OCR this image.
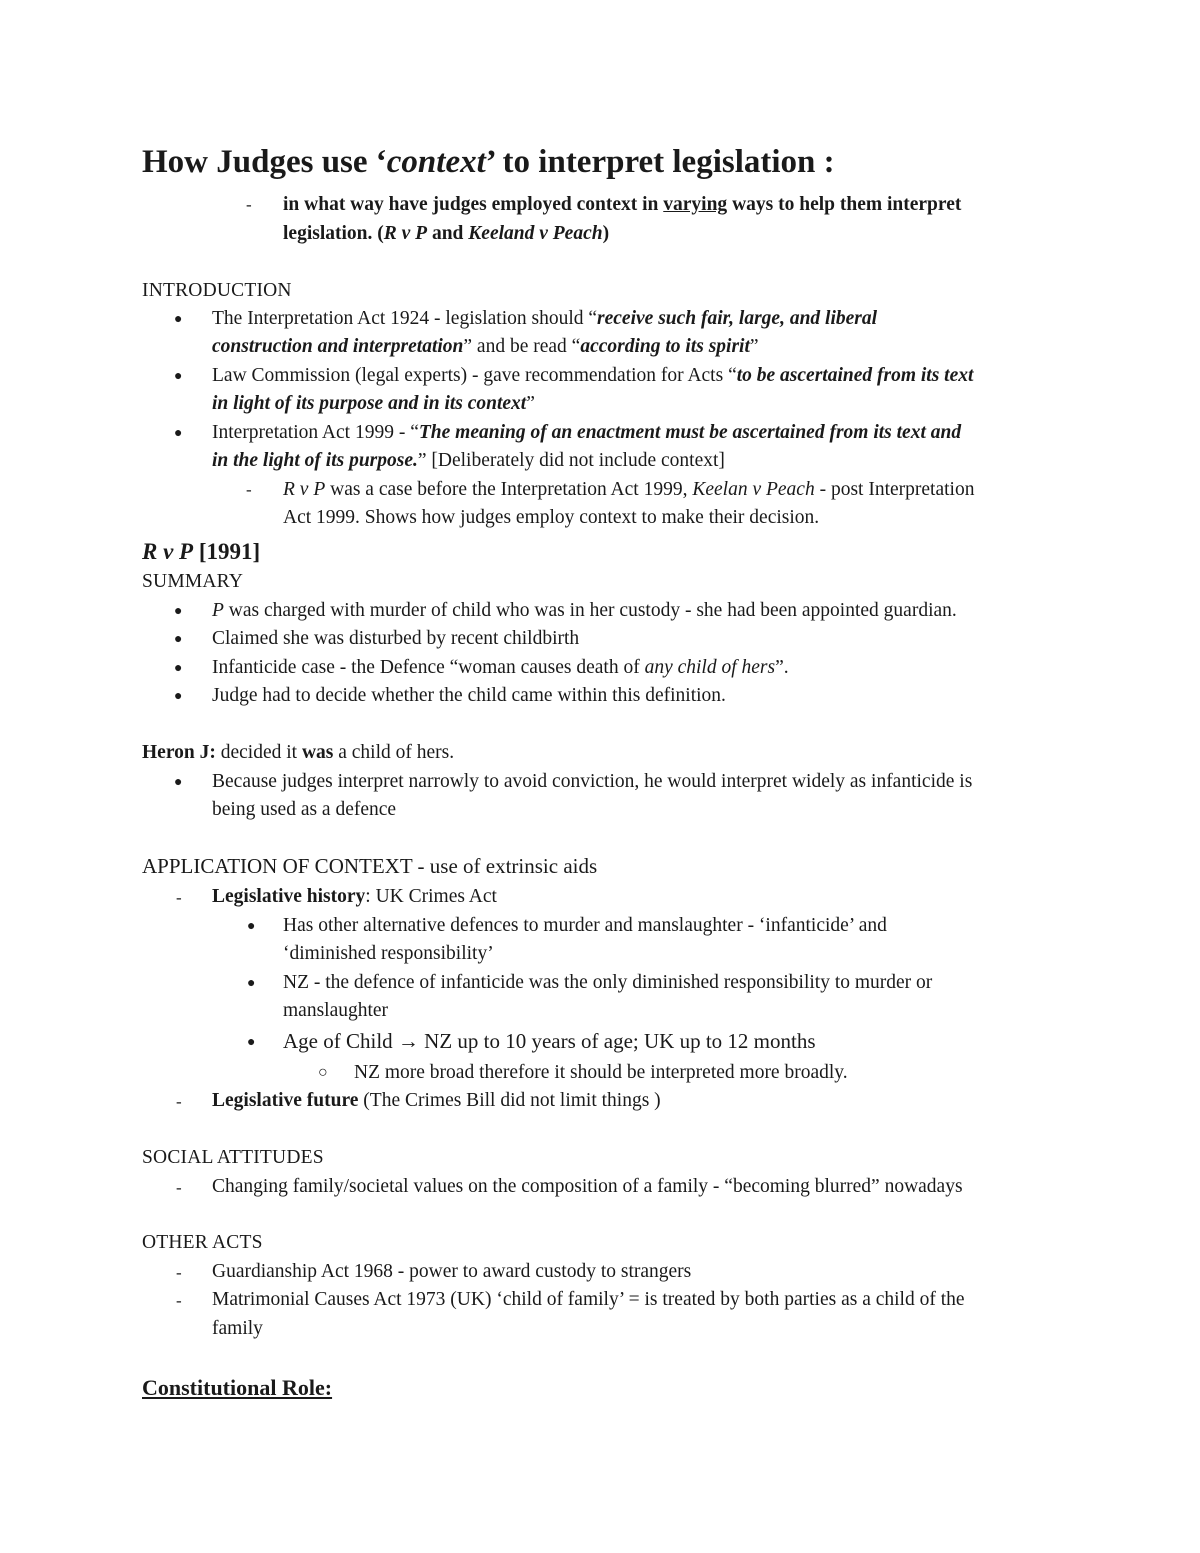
How Judges use ‘context’ to interpret legislation :
- in what way have judges employed context in varying ways to help them interpret
legislation. (R v P and Keeland v Peach)
INTRODUCTION
● The Interpretation Act 1924 - legislation should “receive such fair, large, and liberal
construction and interpretation” and be read “according to its spirit”
● Law Commission (legal experts) - gave recommendation for Acts “to be ascertained from its text
in light of its purpose and in its context”
● Interpretation Act 1999 - “The meaning of an enactment must be ascertained from its text and
in the light of its purpose.” [Deliberately did not include context]
- R v P was a case before the Interpretation Act 1999, Keelan v Peach - post Interpretation
Act 1999. Shows how judges employ context to make their decision.
R v P [1991]
SUMMARY
● P was charged with murder of child who was in her custody - she had been appointed guardian.
● Claimed she was disturbed by recent childbirth
● Infanticide case - the Defence “woman causes death of any child of hers”.
● Judge had to decide whether the child came within this definition.
Heron J: decided it was a child of hers.
● Because judges interpret narrowly to avoid conviction, he would interpret widely as infanticide is
being used as a defence
APPLICATION OF CONTEXT - use of extrinsic aids
- Legislative history: UK Crimes Act
● Has other alternative defences to murder and manslaughter - ‘infanticide’ and
‘diminished responsibility’
● NZ - the defence of infanticide was the only diminished responsibility to murder or
manslaughter
● Age of Child → NZ up to 10 years of age; UK up to 12 months
○ NZ more broad therefore it should be interpreted more broadly.
- Legislative future (The Crimes Bill did not limit things )
SOCIAL ATTITUDES
- Changing family/societal values on the composition of a family - “becoming blurred” nowadays
OTHER ACTS
- Guardianship Act 1968 - power to award custody to strangers
- Matrimonial Causes Act 1973 (UK) ‘child of family’ = is treated by both parties as a child of the
family
Constitutional Role:
